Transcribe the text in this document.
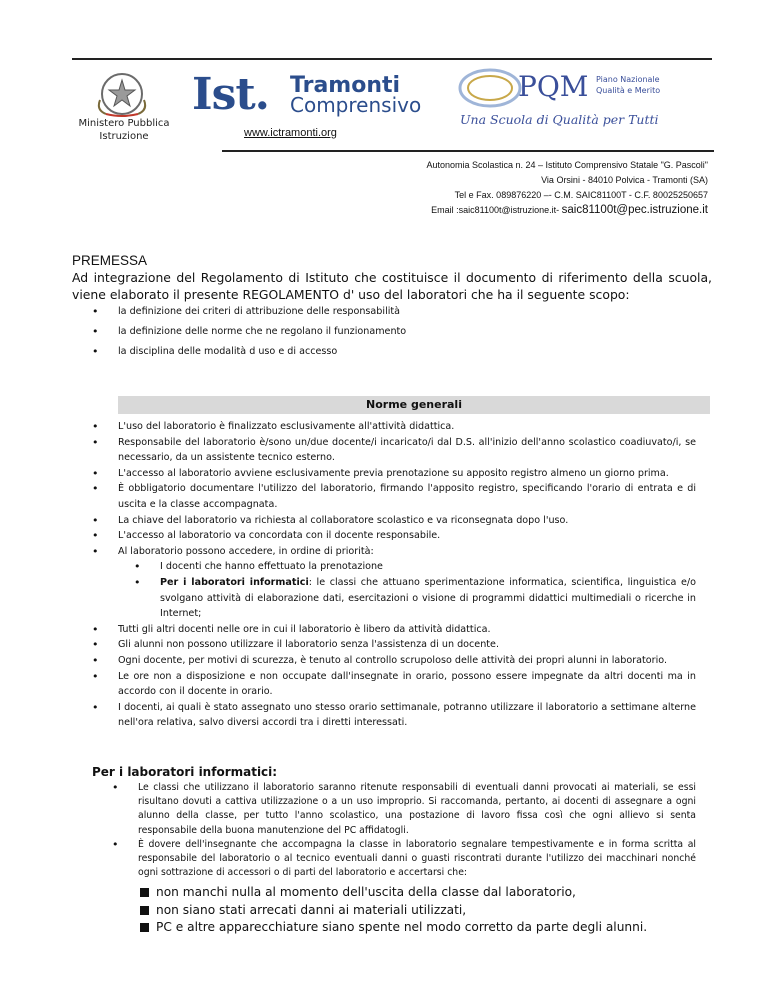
Ministero Pubblica
Istruzione
Ist. Tramonti
Comprensivo
www.ictramonti.org
PQM Piano Nazionale
Qualità e Merito
Una Scuola di Qualità per Tutti
Autonomia Scolastica n. 24 – Istituto Comprensivo Statale "G. Pascoli"
Via Orsini - 84010 Polvica - Tramonti (SA)
Tel e Fax. 089876220 –- C.M. SAIC81100T - C.F. 80025250657
Email :saic81100t@istruzione.it- saic81100t@pec.istruzione.it
PREMESSA
Ad integrazione del Regolamento di Istituto che costituisce il documento di riferimento della scuola, viene elaborato il presente REGOLAMENTO d' uso del laboratori che ha il seguente scopo:
• la definizione dei criteri di attribuzione delle responsabilità
• la definizione delle norme che ne regolano il funzionamento
• la disciplina delle modalità d uso e di accesso
Norme generali
• L'uso del laboratorio è finalizzato esclusivamente all'attività didattica.
• Responsabile del laboratorio è/sono un/due docente/i incaricato/i dal D.S. all'inizio dell'anno scolastico coadiuvato/i, se necessario, da un assistente tecnico esterno.
• L'accesso al laboratorio avviene esclusivamente previa prenotazione su apposito registro almeno un giorno prima.
• È obbligatorio documentare l'utilizzo del laboratorio, firmando l'apposito registro, specificando l'orario di entrata e di uscita e la classe accompagnata.
• La chiave del laboratorio va richiesta al collaboratore scolastico e va riconsegnata dopo l'uso.
• L'accesso al laboratorio va concordata con il docente responsabile.
• Al laboratorio possono accedere, in ordine di priorità:
• I docenti che hanno effettuato la prenotazione
• Per i laboratori informatici: le classi che attuano sperimentazione informatica, scientifica, linguistica e/o svolgano attività di elaborazione dati, esercitazioni o visione di programmi didattici multimediali o ricerche in Internet;
• Tutti gli altri docenti nelle ore in cui il laboratorio è libero da attività didattica.
• Gli alunni non possono utilizzare il laboratorio senza l'assistenza di un docente.
• Ogni docente, per motivi di scurezza, è tenuto al controllo scrupoloso delle attività dei propri alunni in laboratorio.
• Le ore non a disposizione e non occupate dall'insegnate in orario, possono essere impegnate da altri docenti ma in accordo con il docente in orario.
• I docenti, ai quali è stato assegnato uno stesso orario settimanale, potranno utilizzare il laboratorio a settimane alterne nell'ora relativa, salvo diversi accordi tra i diretti interessati.
Per i laboratori informatici:
• Le classi che utilizzano il laboratorio saranno ritenute responsabili di eventuali danni provocati ai materiali, se essi risultano dovuti a cattiva utilizzazione o a un uso improprio. Si raccomanda, pertanto, ai docenti di assegnare a ogni alunno della classe, per tutto l'anno scolastico, una postazione di lavoro fissa così che ogni allievo si senta responsabile della buona manutenzione del PC affidatogli.
• È dovere dell'insegnante che accompagna la classe in laboratorio segnalare tempestivamente e in forma scritta al responsabile del laboratorio o al tecnico eventuali danni o guasti riscontrati durante l'utilizzo dei macchinari nonché ogni sottrazione di accessori o di parti del laboratorio e accertarsi che:
non manchi nulla al momento dell'uscita della classe dal laboratorio,
non siano stati arrecati danni ai materiali utilizzati,
PC e altre apparecchiature siano spente nel modo corretto da parte degli alunni.
